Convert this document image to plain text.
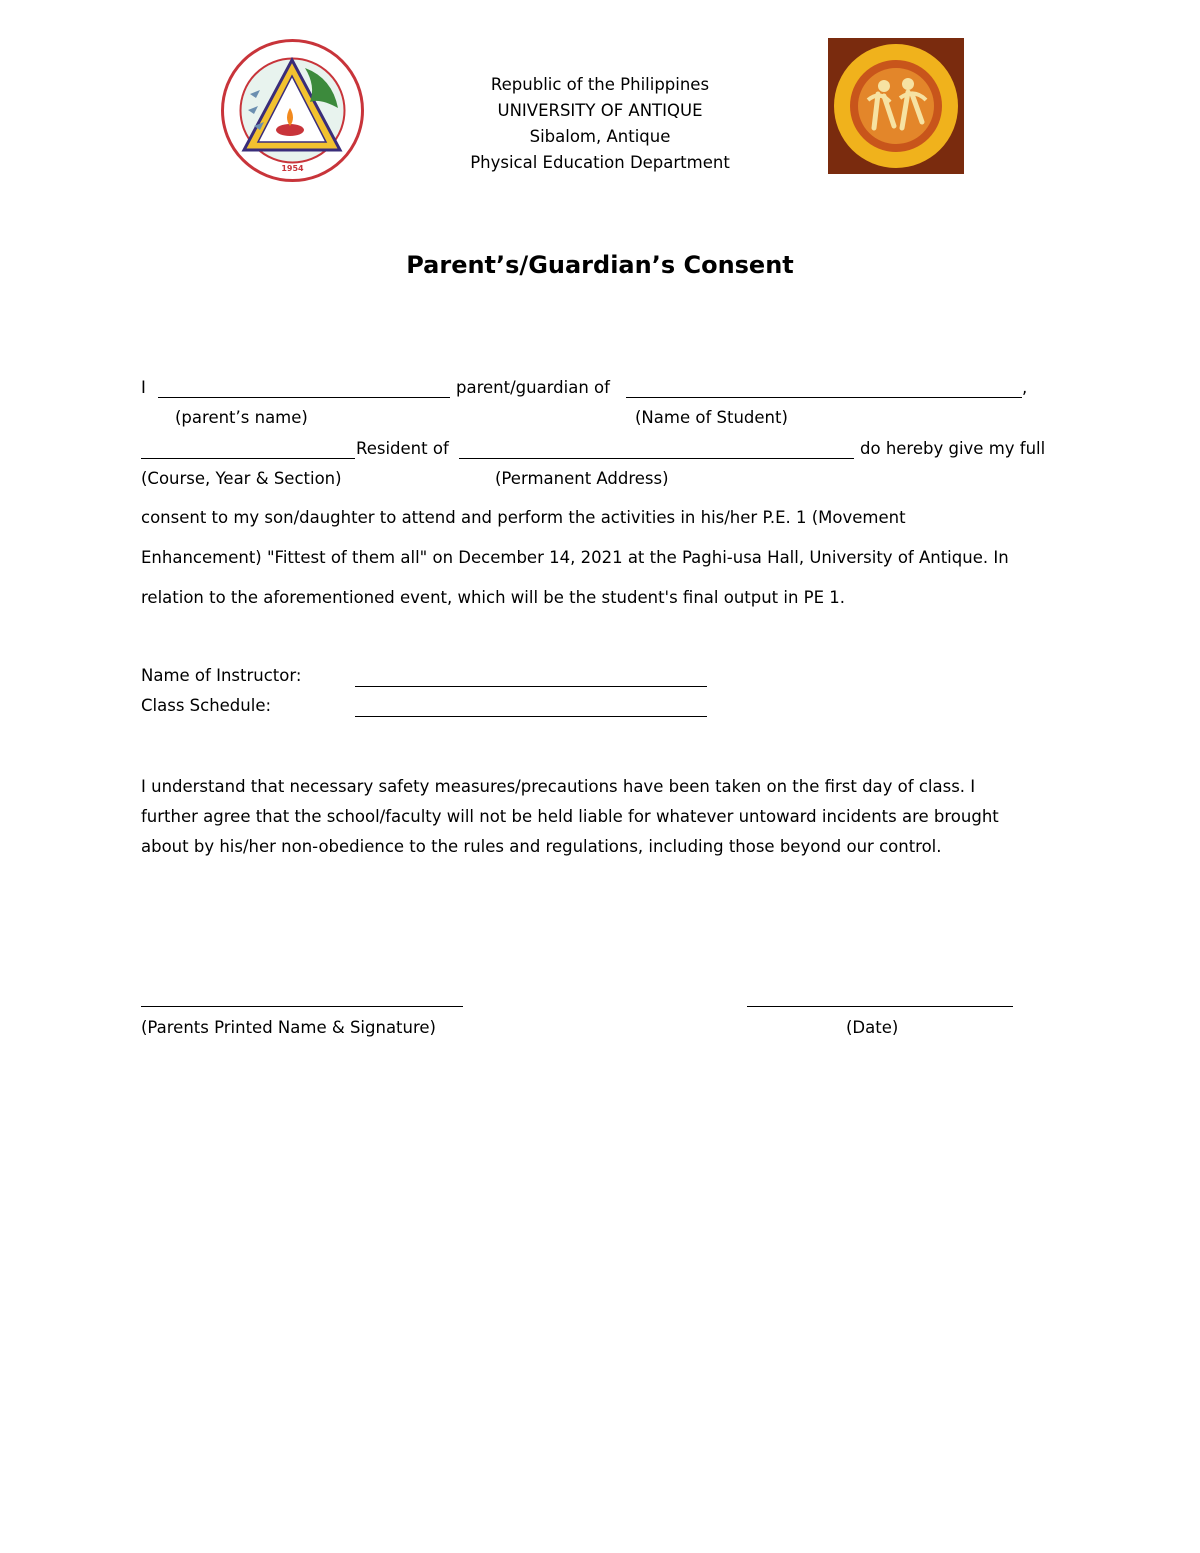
1954
Republic of the Philippines
UNIVERSITY OF ANTIQUE
Sibalom, Antique
Physical Education Department
Parent’s/Guardian’s Consent
I	parent/guardian of	,
(parent’s name)	(Name of Student)
Resident of	do hereby give my full
(Course, Year & Section)	(Permanent Address)
consent to my son/daughter to attend and perform the activities in his/her P.E. 1 (Movement
Enhancement) "Fittest of them all" on December 14, 2021 at the Paghi-usa Hall, University of Antique. In
relation to the aforementioned event, which will be the student's final output in PE 1.
Name of Instructor:
Class Schedule:
I understand that necessary safety measures/precautions have been taken on the first day of class. I
further agree that the school/faculty will not be held liable for whatever untoward incidents are brought
about by his/her non-obedience to the rules and regulations, including those beyond our control.
(Parents Printed Name & Signature)	(Date)
